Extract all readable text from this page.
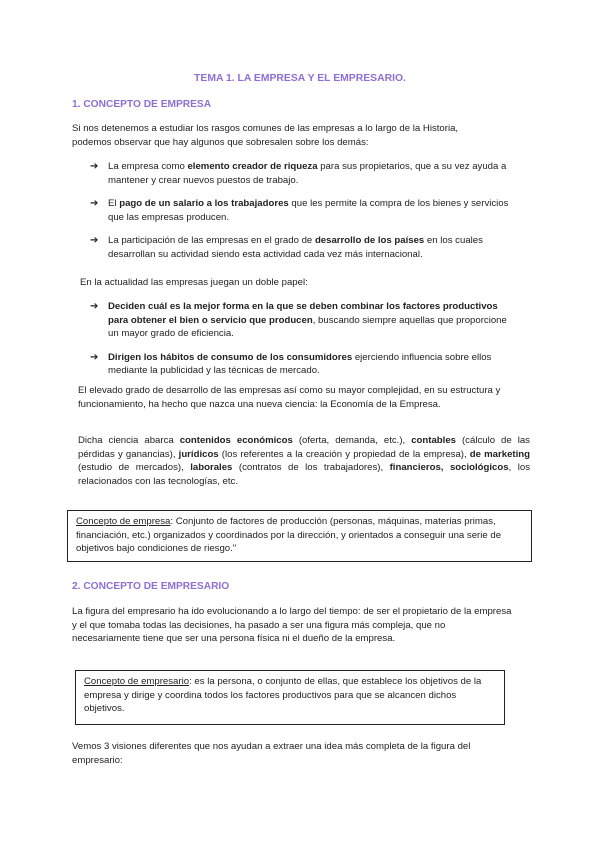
TEMA 1. LA EMPRESA Y EL EMPRESARIO.
1. CONCEPTO DE EMPRESA
Si nos detenemos a estudiar los rasgos comunes de las empresas a lo largo de la Historia, podemos observar que hay algunos que sobresalen sobre los demás:
➔ La empresa como elemento creador de riqueza para sus propietarios, que a su vez ayuda a mantener y crear nuevos puestos de trabajo.
➔ El pago de un salario a los trabajadores que les permite la compra de los bienes y servicios que las empresas producen.
➔ La participación de las empresas en el grado de desarrollo de los países en los cuales desarrollan su actividad siendo esta actividad cada vez más internacional.
En la actualidad las empresas juegan un doble papel:
➔ Deciden cuál es la mejor forma en la que se deben combinar los factores productivos para obtener el bien o servicio que producen, buscando siempre aquellas que proporcione un mayor grado de eficiencia.
➔ Dirigen los hábitos de consumo de los consumidores ejerciendo influencia sobre ellos mediante la publicidad y las técnicas de mercado.
El elevado grado de desarrollo de las empresas así como su mayor complejidad, en su estructura y funcionamiento, ha hecho que nazca una nueva ciencia: la Economía de la Empresa.
Dicha ciencia abarca contenidos económicos (oferta, demanda, etc.), contables (cálculo de las pérdidas y ganancias), jurídicos (los referentes a la creación y propiedad de la empresa), de marketing (estudio de mercados), laborales (contratos de los trabajadores), financieros, sociológicos, los relacionados con las tecnologías, etc.
Concepto de empresa: Conjunto de factores de producción (personas, máquinas, materias primas, financiación, etc.) organizados y coordinados por la dirección, y orientados a conseguir una serie de objetivos bajo condiciones de riesgo."
2. CONCEPTO DE EMPRESARIO
La figura del empresario ha ido evolucionando a lo largo del tiempo: de ser el propietario de la empresa y el que tomaba todas las decisiones, ha pasado a ser una figura más compleja, que no necesariamente tiene que ser una persona física ni el dueño de la empresa.
Concepto de empresario: es la persona, o conjunto de ellas, que establece los objetivos de la empresa y dirige y coordina todos los factores productivos para que se alcancen dichos objetivos.
Vemos 3 visiones diferentes que nos ayudan a extraer una idea más completa de la figura del empresario:
